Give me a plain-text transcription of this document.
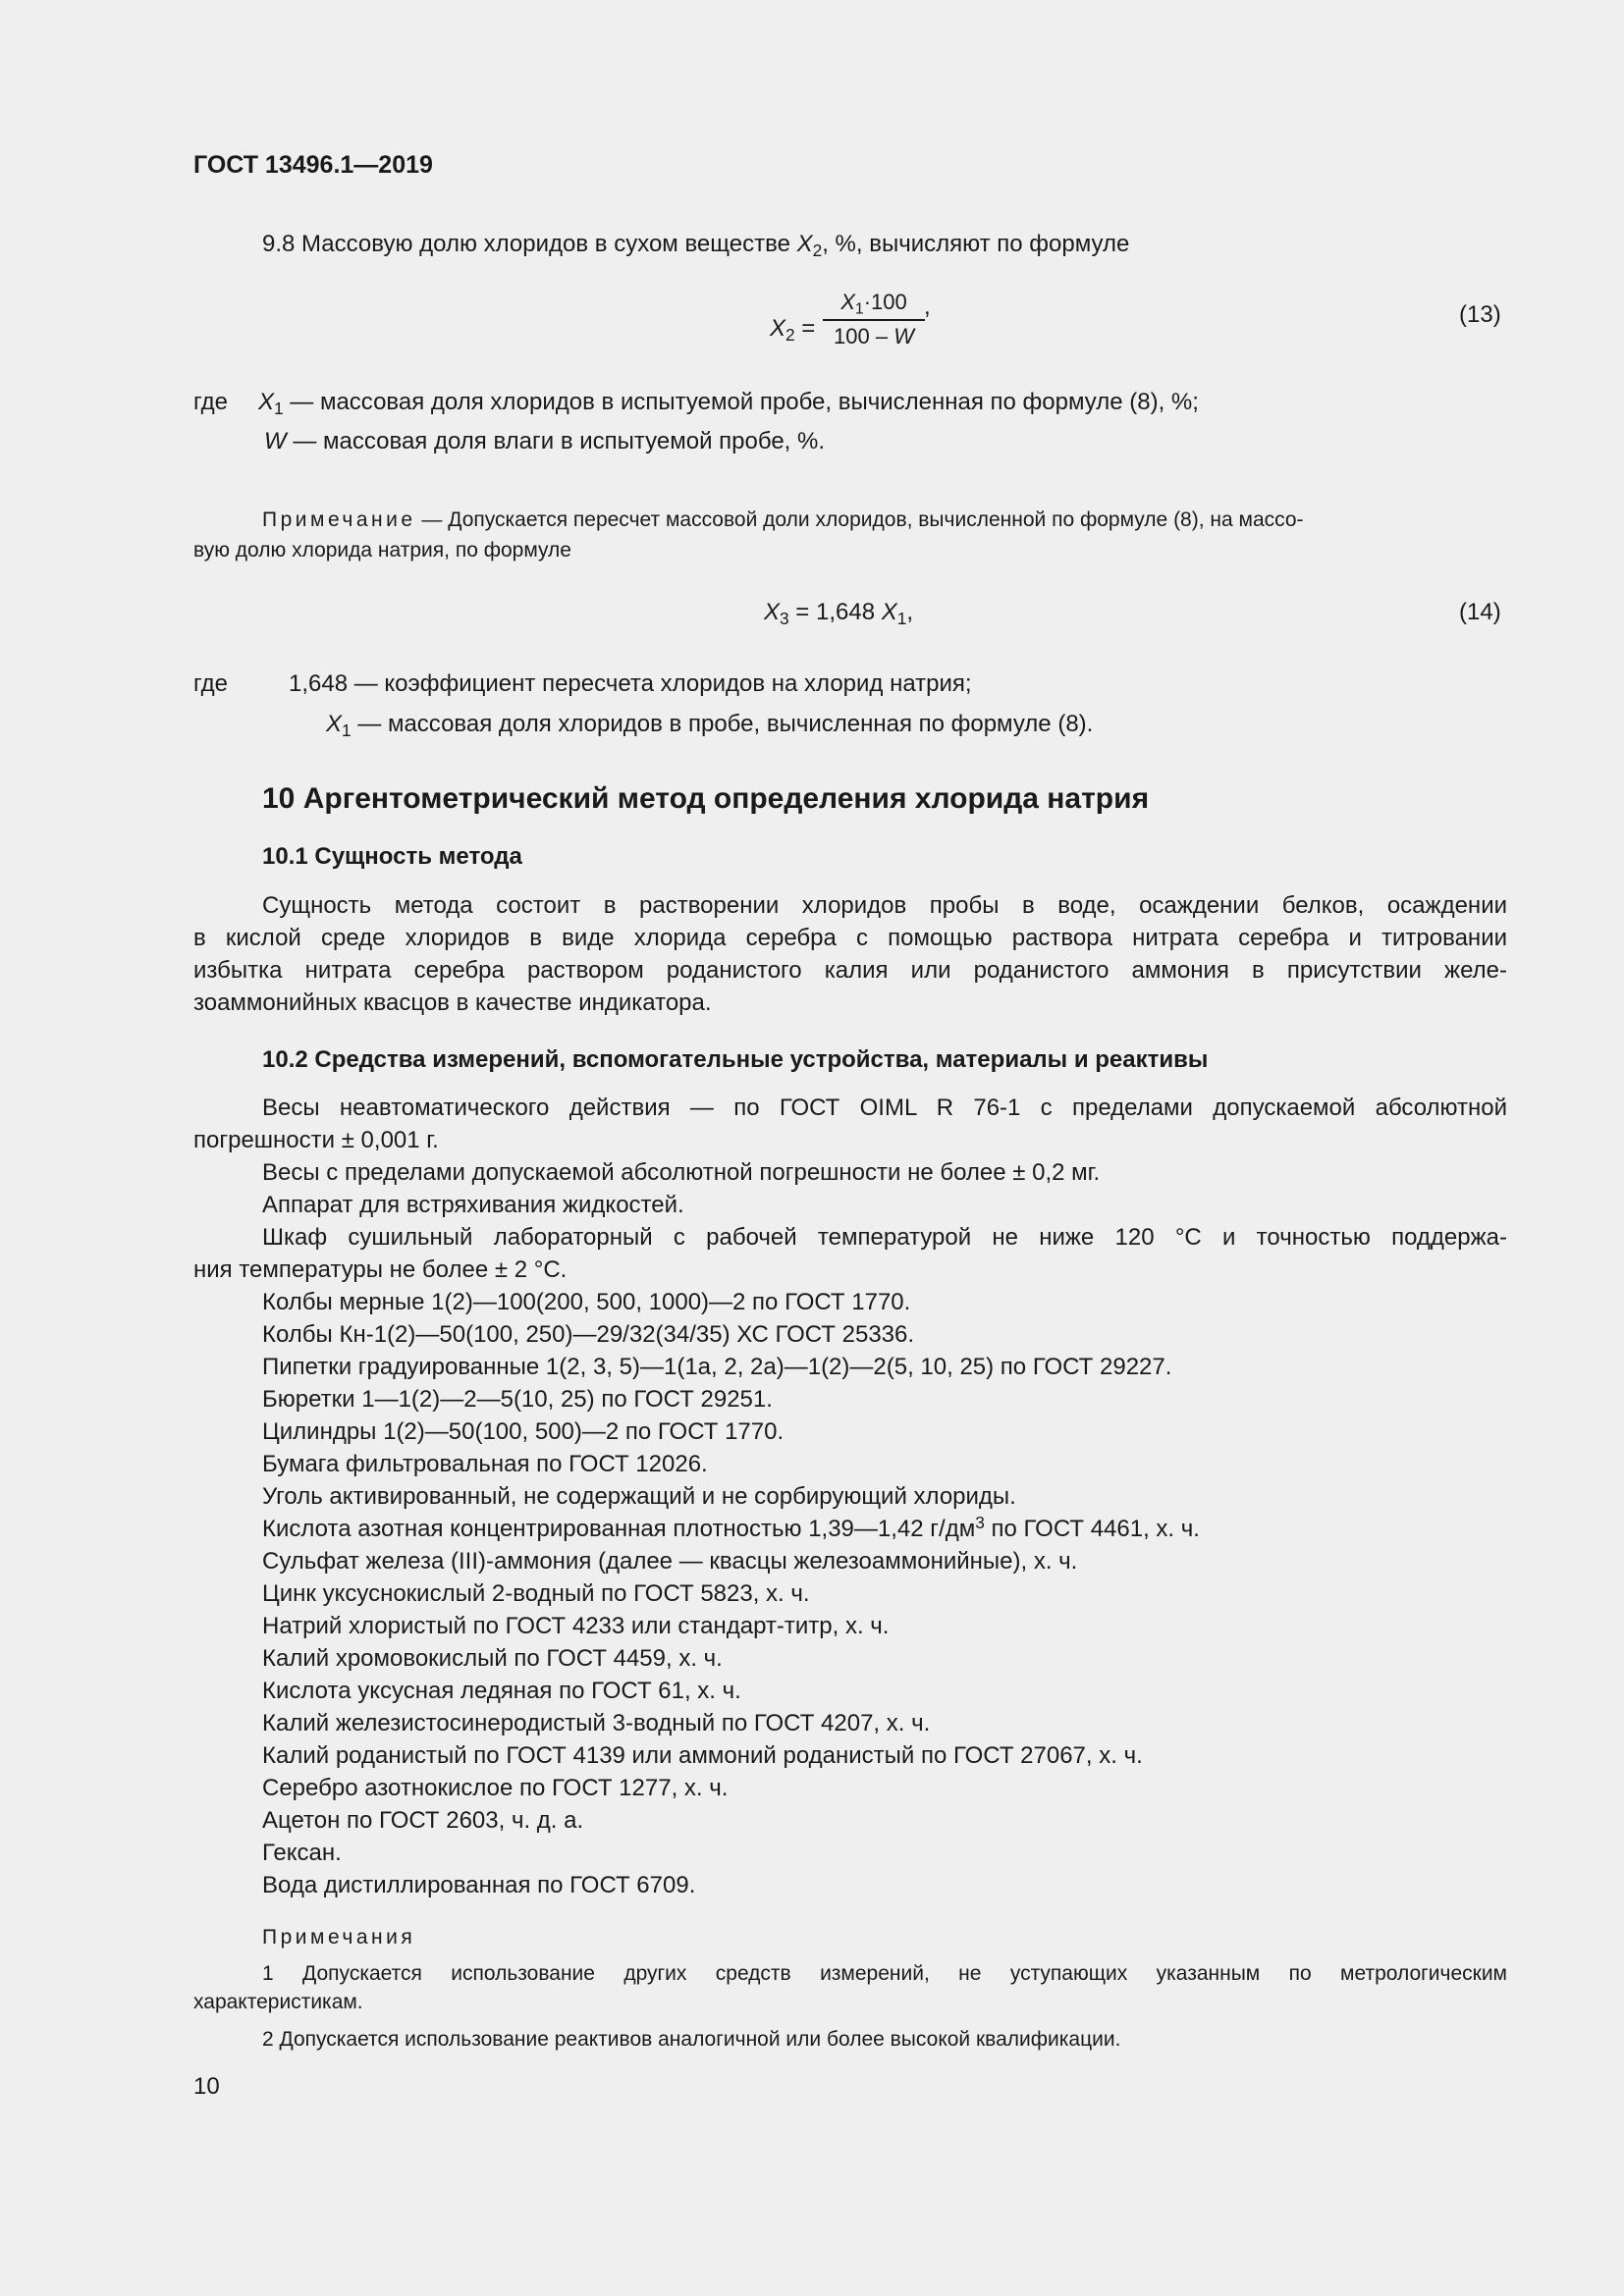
ГОСТ 13496.1—2019
9.8 Массовую долю хлоридов в сухом веществе $X_2$, %, вычисляют по формуле
$X_2$ =
$X_1\cdot 100$
100 – W
,	(13)
где $X_1$ — массовая доля хлоридов в испытуемой пробе, вычисленная по формуле (8), %;
W — массовая доля влаги в испытуемой пробе, %.
Примечание — Допускается пересчет массовой доли хлоридов, вычисленной по формуле (8), на массо-
вую долю хлорида натрия, по формуле
$X_3 = 1,648$ $X_1$,	(14)
где	1,648 — коэффициент пересчета хлоридов на хлорид натрия;
$X_1$ — массовая доля хлоридов в пробе, вычисленная по формуле (8).
10 Аргентометрический метод определения хлорида натрия
10.1 Сущность метода
Сущность метода состоит в растворении хлоридов пробы в воде, осаждении белков, осаждении
в кислой среде хлоридов в виде хлорида серебра с помощью раствора нитрата серебра и титровании
избытка нитрата серебра раствором роданистого калия или роданистого аммония в присутствии желе-
зоаммонийных квасцов в качестве индикатора.
10.2 Средства измерений, вспомогательные устройства, материалы и реактивы
Весы неавтоматического действия — по ГОСТ OIML R 76-1 с пределами допускаемой абсолютной
погрешности ± 0,001 г.
Весы с пределами допускаемой абсолютной погрешности не более ± 0,2 мг.
Аппарат для встряхивания жидкостей.
Шкаф сушильный лабораторный с рабочей температурой не ниже 120 °С и точностью поддержа-
ния температуры не более ± 2 °С.
Колбы мерные 1(2)—100(200, 500, 1000)—2 по ГОСТ 1770.
Колбы Кн-1(2)—50(100, 250)—29/32(34/35) ХС ГОСТ 25336.
Пипетки градуированные 1(2, 3, 5)—1(1а, 2, 2а)—1(2)—2(5, 10, 25) по ГОСТ 29227.
Бюретки 1—1(2)—2—5(10, 25) по ГОСТ 29251.
Цилиндры 1(2)—50(100, 500)—2 по ГОСТ 1770.
Бумага фильтровальная по ГОСТ 12026.
Уголь активированный, не содержащий и не сорбирующий хлориды.
Кислота азотная концентрированная плотностью 1,39—1,42 $г/дм^3$ по ГОСТ 4461, х. ч.
Сульфат железа (III)-аммония (далее — квасцы железоаммонийные), х. ч.
Цинк уксуснокислый 2-водный по ГОСТ 5823, х. ч.
Натрий хлористый по ГОСТ 4233 или стандарт-титр, х. ч.
Калий хромовокислый по ГОСТ 4459, х. ч.
Кислота уксусная ледяная по ГОСТ 61, х. ч.
Калий железистосинеродистый 3-водный по ГОСТ 4207, х. ч.
Калий роданистый по ГОСТ 4139 или аммоний роданистый по ГОСТ 27067, х. ч.
Серебро азотнокислое по ГОСТ 1277, х. ч.
Ацетон по ГОСТ 2603, ч. д. а.
Гексан.
Вода дистиллированная по ГОСТ 6709.
Примечания
1 Допускается использование других средств измерений, не уступающих указанным по метрологическим
характеристикам.
2 Допускается использование реактивов аналогичной или более высокой квалификации.
10
